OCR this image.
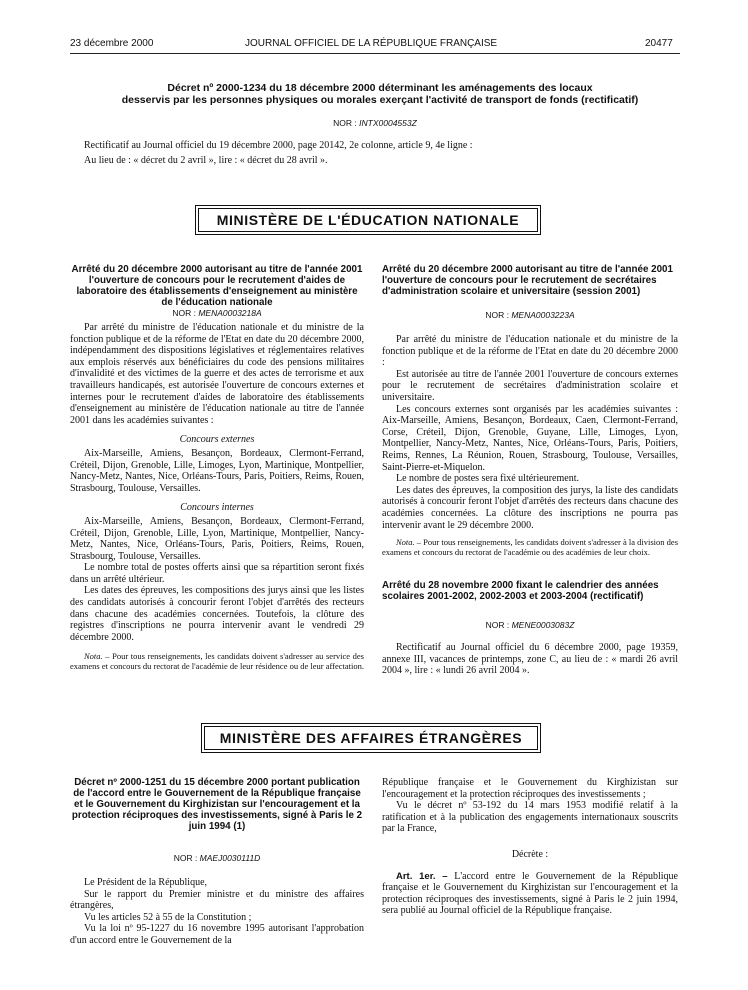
23 décembre 2000	JOURNAL OFFICIEL DE LA RÉPUBLIQUE FRANÇAISE	20477
Décret nº 2000-1234 du 18 décembre 2000 déterminant les aménagements des locaux
desservis par les personnes physiques ou morales exerçant l'activité de transport de fonds (rectificatif)
NOR : INTX0004553Z
Rectificatif au Journal officiel du 19 décembre 2000, page 20142, 2e colonne, article 9, 4e ligne :
Au lieu de : « décret du 2 avril », lire : « décret du 28 avril ».
MINISTÈRE DE L'ÉDUCATION NATIONALE
Arrêté du 20 décembre 2000 autorisant au titre de l'année 2001 l'ouverture de concours pour le recrutement d'aides de laboratoire des établissements d'enseignement au ministère de l'éducation nationale
NOR : MENA0003218A

Par arrêté du ministre de l'éducation nationale et du ministre de la fonction publique et de la réforme de l'Etat en date du 20 décembre 2000, indépendamment des dispositions législatives et réglementaires relatives aux emplois réservés aux bénéficiaires du code des pensions militaires d'invalidité et des victimes de la guerre et des actes de terrorisme et aux travailleurs handicapés, est autorisée l'ouverture de concours externes et internes pour le recrutement d'aides de laboratoire des établissements d'enseignement au ministère de l'éducation nationale au titre de l'année 2001 dans les académies suivantes :

Concours externes

Aix-Marseille, Amiens, Besançon, Bordeaux, Clermont-Ferrand, Créteil, Dijon, Grenoble, Lille, Limoges, Lyon, Martinique, Montpellier, Nancy-Metz, Nantes, Nice, Orléans-Tours, Paris, Poitiers, Reims, Rouen, Strasbourg, Toulouse, Versailles.

Concours internes

Aix-Marseille, Amiens, Besançon, Bordeaux, Clermont-Ferrand, Créteil, Dijon, Grenoble, Lille, Lyon, Martinique, Montpellier, Nancy-Metz, Nantes, Nice, Orléans-Tours, Paris, Poitiers, Reims, Rouen, Strasbourg, Toulouse, Versailles.

Le nombre total de postes offerts ainsi que sa répartition seront fixés dans un arrêté ultérieur.

Les dates des épreuves, les compositions des jurys ainsi que les listes des candidats autorisés à concourir feront l'objet d'arrêtés des recteurs dans chacune des académies concernées. Toutefois, la clôture des registres d'inscriptions ne pourra intervenir avant le vendredi 29 décembre 2000.

Nota. – Pour tous renseignements, les candidats doivent s'adresser au service des examens et concours du rectorat de l'académie de leur résidence ou de leur affectation.
Arrêté du 20 décembre 2000 autorisant au titre de l'année 2001 l'ouverture de concours pour le recrutement de secrétaires d'administration scolaire et universitaire (session 2001)
NOR : MENA0003223A

Par arrêté du ministre de l'éducation nationale et du ministre de la fonction publique et de la réforme de l'Etat en date du 20 décembre 2000 :

Est autorisée au titre de l'année 2001 l'ouverture de concours externes pour le recrutement de secrétaires d'administration scolaire et universitaire.

Les concours externes sont organisés par les académies suivantes : Aix-Marseille, Amiens, Besançon, Bordeaux, Caen, Clermont-Ferrand, Corse, Créteil, Dijon, Grenoble, Guyane, Lille, Limoges, Lyon, Montpellier, Nancy-Metz, Nantes, Nice, Orléans-Tours, Paris, Poitiers, Reims, Rennes, La Réunion, Rouen, Strasbourg, Toulouse, Versailles, Saint-Pierre-et-Miquelon.

Le nombre de postes sera fixé ultérieurement.

Les dates des épreuves, la composition des jurys, la liste des candidats autorisés à concourir feront l'objet d'arrêtés des recteurs dans chacune des académies concernées. La clôture des inscriptions ne pourra pas intervenir avant le 29 décembre 2000.

Nota. – Pour tous renseignements, les candidats doivent s'adresser à la division des examens et concours du rectorat de l'académie ou des académies de leur choix.
Arrêté du 28 novembre 2000 fixant le calendrier des années scolaires 2001-2002, 2002-2003 et 2003-2004 (rectificatif)
NOR : MENE0003083Z

Rectificatif au Journal officiel du 6 décembre 2000, page 19359, annexe III, vacances de printemps, zone C, au lieu de : « mardi 26 avril 2004 », lire : « lundi 26 avril 2004 ».

MINISTÈRE DES AFFAIRES ÉTRANGÈRES
Décret nº 2000-1251 du 15 décembre 2000 portant publication de l'accord entre le Gouvernement de la République française et le Gouvernement du Kirghizistan sur l'encouragement et la protection réciproques des investissements, signé à Paris le 2 juin 1994 (1)
NOR : MAEJ0030111D

Le Président de la République,

Sur le rapport du Premier ministre et du ministre des affaires étrangères,

Vu les articles 52 à 55 de la Constitution ;

Vu la loi nº 95-1227 du 16 novembre 1995 autorisant l'approbation d'un accord entre le Gouvernement de la

République française et le Gouvernement du Kirghizistan sur l'encouragement et la protection réciproques des investissements ;

Vu le décret nº 53-192 du 14 mars 1953 modifié relatif à la ratification et à la publication des engagements internationaux souscrits par la France,

Décrète :

Art. 1er. – L'accord entre le Gouvernement de la République française et le Gouvernement du Kirghizistan sur l'encouragement et la protection réciproques des investissements, signé à Paris le 2 juin 1994, sera publié au Journal officiel de la République française.
